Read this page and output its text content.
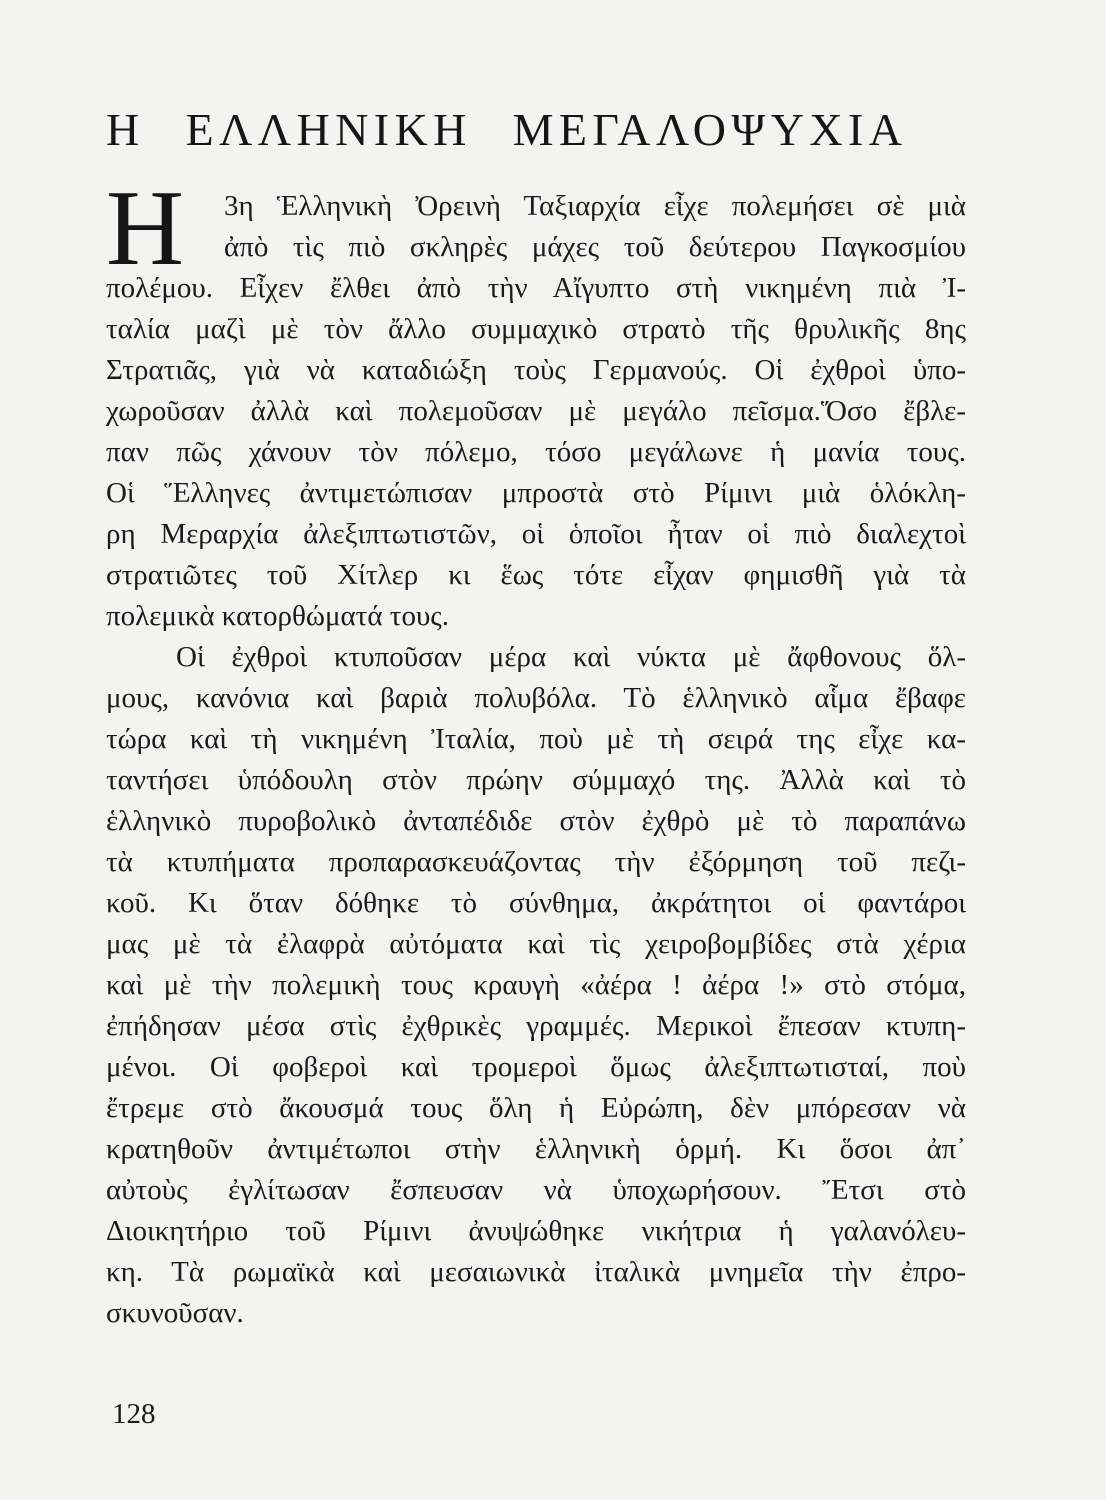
Η ΕΛΛΗΝΙΚΗ ΜΕΓΑΛΟΨΥΧΙΑ
Η	3η Ἑλληνικὴ Ὀρεινὴ Ταξιαρχία εἶχε πολεμήσει σὲ μιὰ
ἀπὸ τὶς πιὸ σκληρὲς μάχες τοῦ δεύτερου Παγκοσμίου
πολέμου. Εἶχεν ἔλθει ἀπὸ τὴν Αἴγυπτο στὴ νικημένη πιὰ Ἰ-
ταλία μαζὶ μὲ τὸν ἄλλο συμμαχικὸ στρατὸ τῆς θρυλικῆς 8ης
Στρατιᾶς, γιὰ νὰ καταδιώξη τοὺς Γερμανούς. Οἱ ἐχθροὶ ὑπο-
χωροῦσαν ἀλλὰ καὶ πολεμοῦσαν μὲ μεγάλο πεῖσμα.Ὅσο ἔβλε-
παν πῶς χάνουν τὸν πόλεμο, τόσο μεγάλωνε ἡ μανία τους.
Οἱ Ἕλληνες ἀντιμετώπισαν μπροστὰ στὸ Ρίμινι μιὰ ὁλόκλη-
ρη Μεραρχία ἀλεξιπτωτιστῶν, οἱ ὁποῖοι ἦταν οἱ πιὸ διαλεχτοὶ
στρατιῶτες τοῦ Χίτλερ κι ἕως τότε εἶχαν φημισθῆ γιὰ τὰ
πολεμικὰ κατορθώματά τους.
Οἱ ἐχθροὶ κτυποῦσαν μέρα καὶ νύκτα μὲ ἄφθονους ὅλ-
μους, κανόνια καὶ βαριὰ πολυβόλα. Τὸ ἑλληνικὸ αἷμα ἔβαφε
τώρα καὶ τὴ νικημένη Ἰταλία, ποὺ μὲ τὴ σειρά της εἶχε κα-
ταντήσει ὑπόδουλη στὸν πρώην σύμμαχό της. Ἀλλὰ καὶ τὸ
ἑλληνικὸ πυροβολικὸ ἀνταπέδιδε στὸν ἐχθρὸ μὲ τὸ παραπάνω
τὰ κτυπήματα προπαρασκευάζοντας τὴν ἐξόρμηση τοῦ πεζι-
κοῦ. Κι ὅταν δόθηκε τὸ σύνθημα, ἀκράτητοι οἱ φαντάροι
μας μὲ τὰ ἐλαφρὰ αὐτόματα καὶ τὶς χειροβομβίδες στὰ χέρια
καὶ μὲ τὴν πολεμικὴ τους κραυγὴ «ἀέρα ! ἀέρα !» στὸ στόμα,
ἐπήδησαν μέσα στὶς ἐχθρικὲς γραμμές. Μερικοὶ ἔπεσαν κτυπη-
μένοι. Οἱ φοβεροὶ καὶ τρομεροὶ ὅμως ἀλεξιπτωτισταί, ποὺ
ἔτρεμε στὸ ἄκουσμά τους ὅλη ἡ Εὐρώπη, δὲν μπόρεσαν νὰ
κρατηθοῦν ἀντιμέτωποι στὴν ἑλληνικὴ ὁρμή. Κι ὅσοι ἀπ᾿
αὐτοὺς ἐγλίτωσαν ἔσπευσαν νὰ ὑποχωρήσουν. Ἔτσι στὸ
Διοικητήριο τοῦ Ρίμινι ἀνυψώθηκε νικήτρια ἡ γαλανόλευ-
κη. Τὰ ρωμαϊκὰ καὶ μεσαιωνικὰ ἰταλικὰ μνημεῖα τὴν ἐπρο-
σκυνοῦσαν.
128
